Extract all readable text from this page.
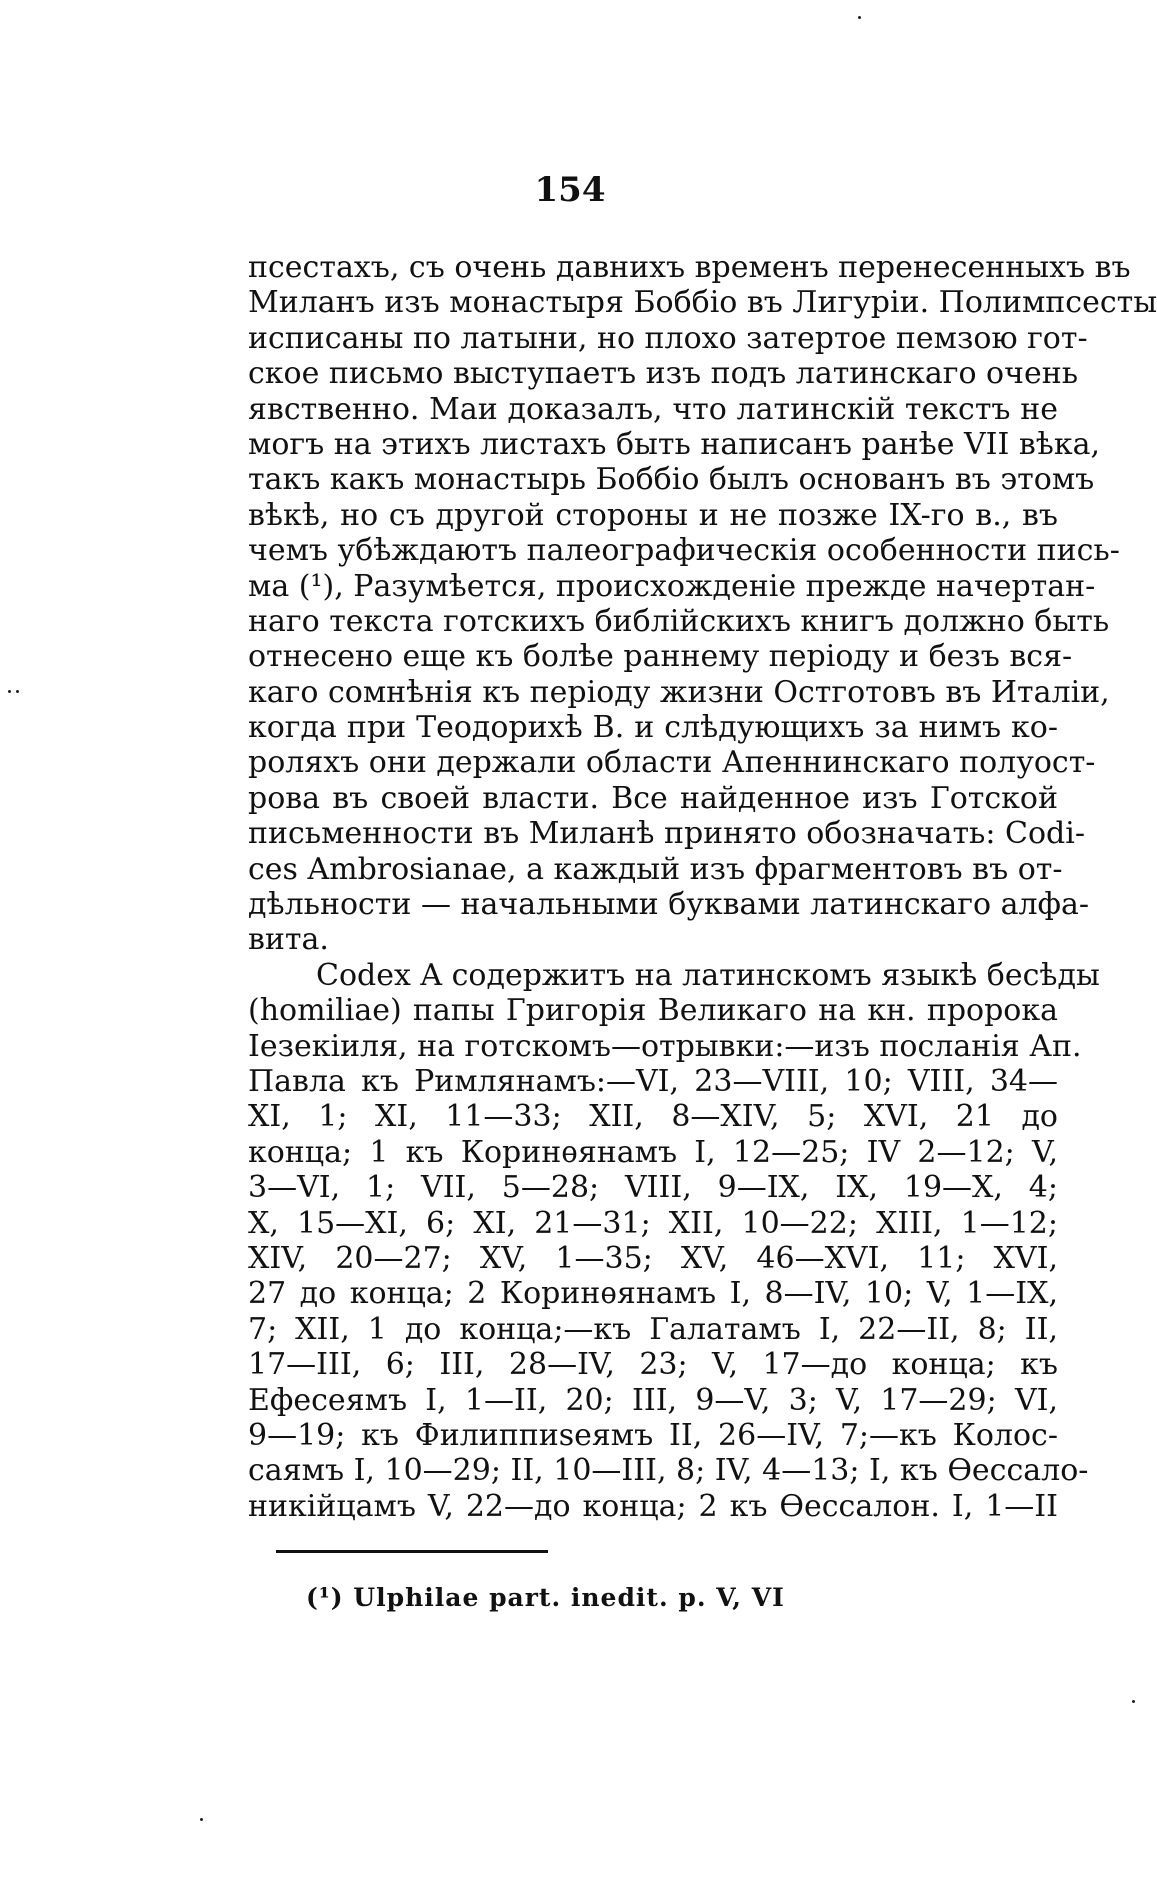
154
псестахъ, съ очень давнихъ временъ перенесенныхъ въ
Миланъ изъ монастыря Боббіо въ Лигуріи. Полимпсесты
исписаны по латыни, но плохо затертое пемзою гот-
ское письмо выступаетъ изъ подъ латинскаго очень
явственно. Маи доказалъ, что латинскій текстъ не
могъ на этихъ листахъ быть написанъ ранѣе VII вѣка,
такъ какъ монастырь Боббіо былъ основанъ въ этомъ
вѣкѣ, но съ другой стороны и не позже IX-го в., въ
чемъ убѣждаютъ палеографическія особенности пись-
ма (¹), Разумѣется, происхожденіе прежде начертан-
наго текста готскихъ библійскихъ книгъ должно быть
отнесено еще къ болѣе раннему періоду и безъ вся-
каго сомнѣнія къ періоду жизни Остготовъ въ Италіи,
когда при Теодорихѣ В. и слѣдующихъ за нимъ ко-
роляхъ они держали области Апеннинскаго полуост-
рова въ своей власти. Все найденное изъ Готской
письменности въ Миланѣ принято обозначать: Codi-
ces Ambrosianae, а каждый изъ фрагментовъ въ от-
дѣльности — начальными буквами латинскаго алфа-
вита.
Codex A содержитъ на латинскомъ языкѣ бесѣды
(homiliae) папы Григорія Великаго на кн. пророка
Іезекіиля, на готскомъ—отрывки:—изъ посланія Ап.
Павла къ Римлянамъ:—VI, 23—VIII, 10; VIII, 34—
XI, 1; XI, 11—33; XII, 8—XIV, 5; XVI, 21 до
конца; 1 къ Коринѳянамъ I, 12—25; IV 2—12; V,
3—VI, 1; VII, 5—28; VIII, 9—IX, IX, 19—X, 4;
X, 15—XI, 6; XI, 21—31; XII, 10—22; XIII, 1—12;
XIV, 20—27; XV, 1—35; XV, 46—XVI, 11; XVI,
27 до конца; 2 Коринѳянамъ I, 8—IV, 10; V, 1—IX,
7; XII, 1 до конца;—къ Галатамъ I, 22—II, 8; II,
17—III, 6; III, 28—IV, 23; V, 17—до конца; къ
Ефесеямъ I, 1—II, 20; III, 9—V, 3; V, 17—29; VI,
9—19; къ Филиппиseямъ II, 26—IV, 7;—къ Колос-
саямъ I, 10—29; II, 10—III, 8; IV, 4—13; I, къ Ѳессало-
никійцамъ V, 22—до конца; 2 къ Ѳессалон. I, 1—II
(¹) Ulphilae part. inedit. p. V, VI
